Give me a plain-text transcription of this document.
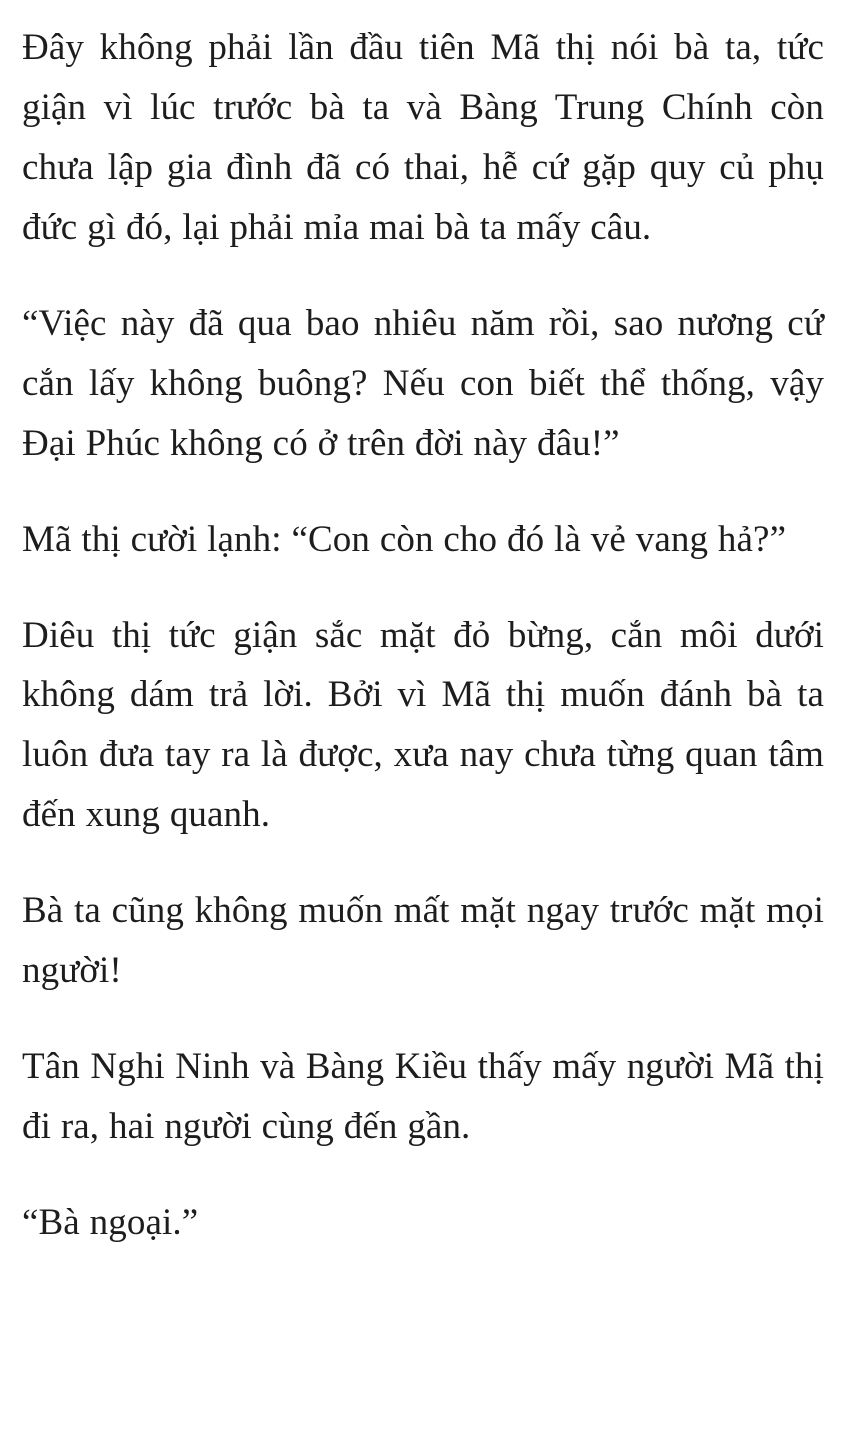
Đây không phải lần đầu tiên Mã thị nói bà ta, tức giận vì lúc trước bà ta và Bàng Trung Chính còn chưa lập gia đình đã có thai, hễ cứ gặp quy củ phụ đức gì đó, lại phải mỉa mai bà ta mấy câu.

“Việc này đã qua bao nhiêu năm rồi, sao nương cứ cắn lấy không buông? Nếu con biết thể thống, vậy Đại Phúc không có ở trên đời này đâu!”

Mã thị cười lạnh: “Con còn cho đó là vẻ vang hả?”

Diêu thị tức giận sắc mặt đỏ bừng, cắn môi dưới không dám trả lời. Bởi vì Mã thị muốn đánh bà ta luôn đưa tay ra là được, xưa nay chưa từng quan tâm đến xung quanh.

Bà ta cũng không muốn mất mặt ngay trước mặt mọi người!

Tân Nghi Ninh và Bàng Kiều thấy mấy người Mã thị đi ra, hai người cùng đến gần.

“Bà ngoại.”
